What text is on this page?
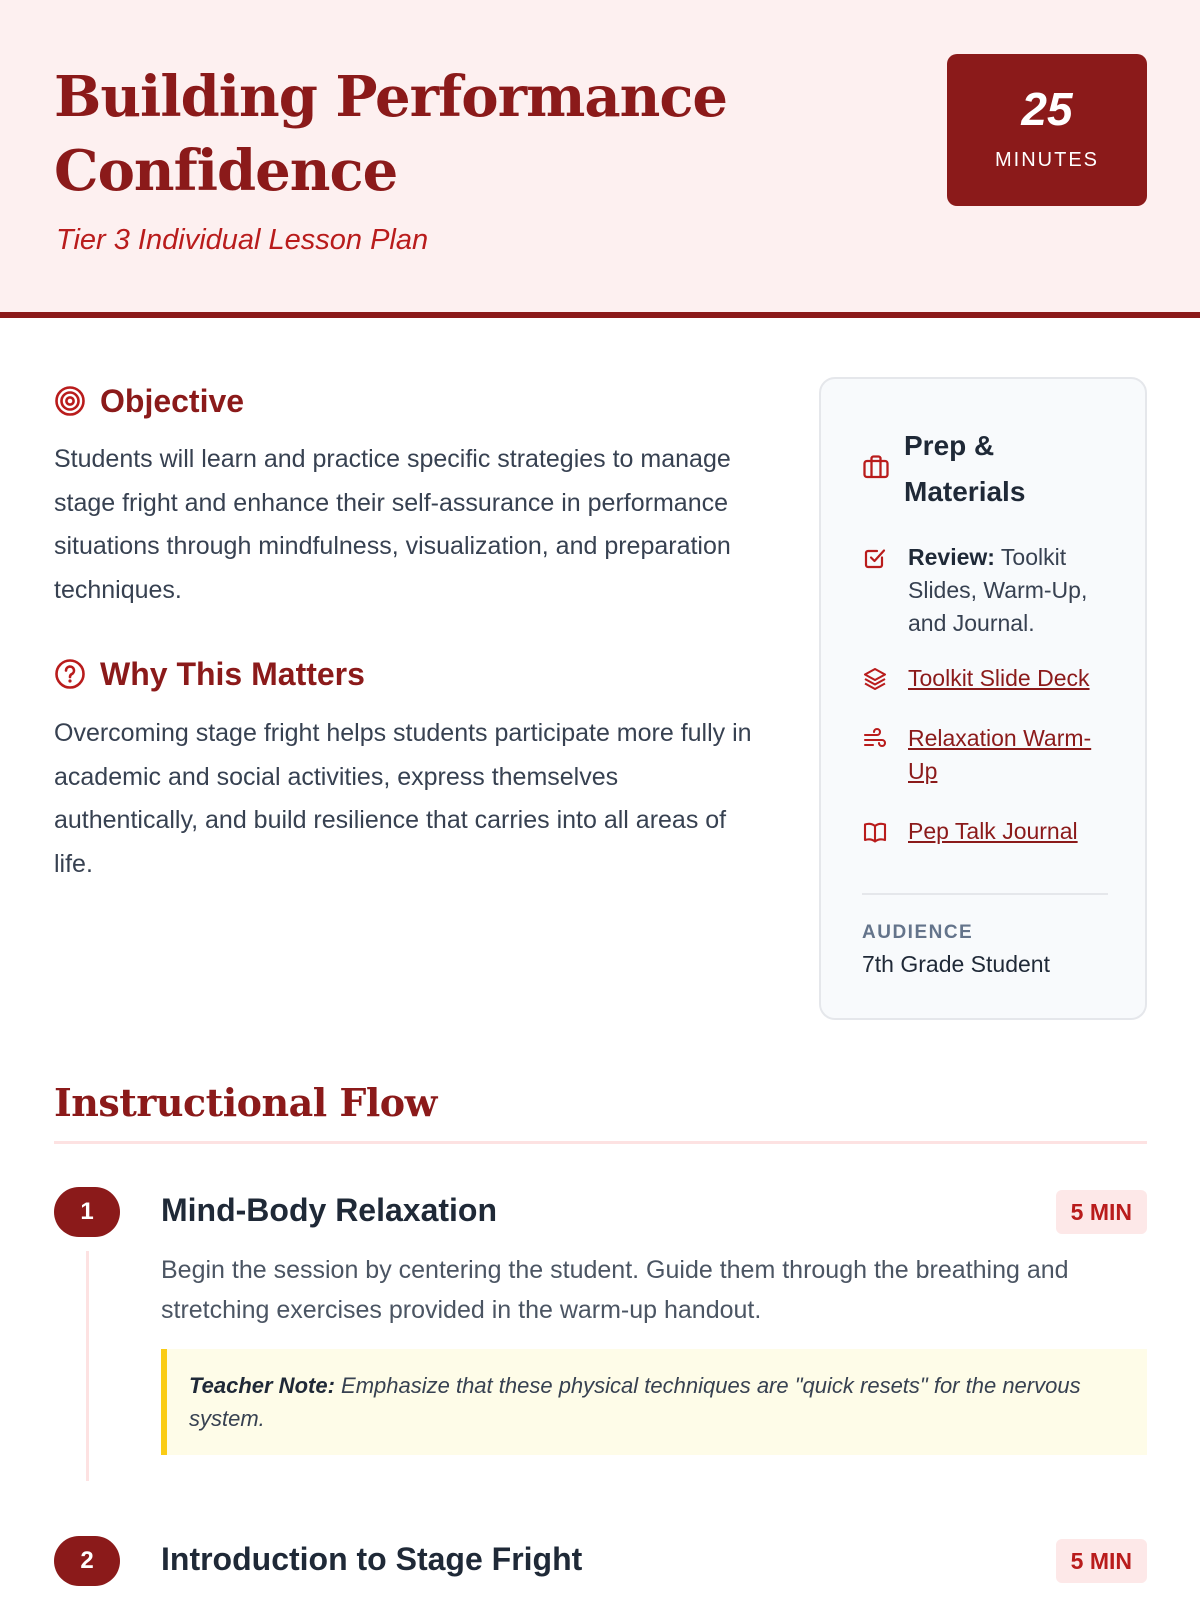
Building Performance Confidence
Tier 3 Individual Lesson Plan
25
MINUTES
Objective

Students will learn and practice specific strategies to manage stage fright and enhance their self-assurance in performance situations through mindfulness, visualization, and preparation techniques.

Why This Matters

Overcoming stage fright helps students participate more fully in academic and social activities, express themselves authentically, and build resilience that carries into all areas of life.

Prep & Materials
Review: Toolkit Slides, Warm-Up, and Journal.
Toolkit Slide Deck
Relaxation Warm-Up
Pep Talk Journal
AUDIENCE
7th Grade Student
Instructional Flow
1	Mind-Body Relaxation	5 MIN

Begin the session by centering the student. Guide them through the breathing and stretching exercises provided in the warm-up handout.

Teacher Note: Emphasize that these physical techniques are "quick resets" for the nervous system.
2	Introduction to Stage Fright	5 MIN
